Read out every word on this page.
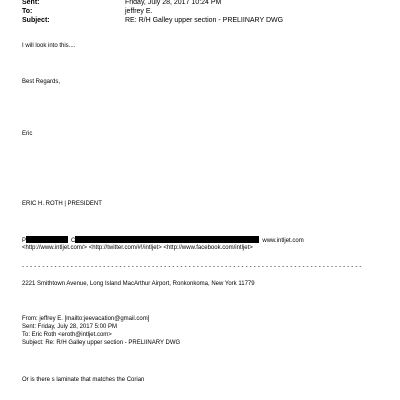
Sent:	Friday, July 28, 2017 10:24 PM
To:	jeffrey E.
Subject:	RE: R/H Galley upper section - PRELIINARY DWG
I will look into this....
Best Regards,
Eric
ERIC H. ROTH | PRESIDENT
P	C	www.intljet.com
<http://www.intljet.com/> <http://twitter.com/#!/intljet> <http://www.facebook.com/intljet>
- - - - - - - - - - - - - - - - - - - - - - - - - - - - - - - - - - - - - - - - - - - - - - - - - - - - - - - - - - - - - - - - - - - - - - - - - - - - - - - - - - - -
2221 Smithtown Avenue, Long Island MacArthur Airport, Ronkonkoma, New York 11779
From: jeffrey E. [mailto:jeevacation@gmail.com]
Sent: Friday, July 28, 2017 5:00 PM
To: Eric Roth <eroth@intljet.com>
Subject: Re: R/H Galley upper section - PRELIINARY DWG
Or is there s laminate that matches the Corian
